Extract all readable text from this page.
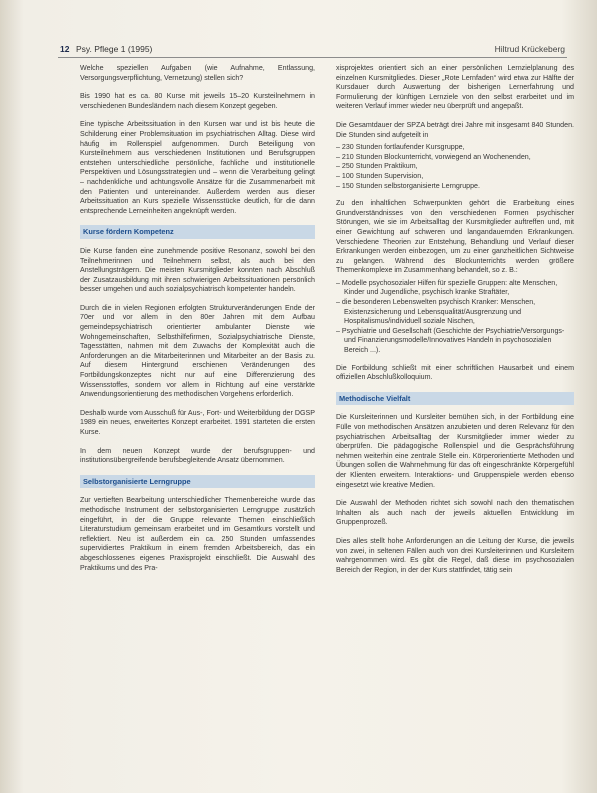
12 Psy. Pflege 1 (1995)	Hiltrud Krückeberg

Welche speziellen Aufgaben (wie Aufnahme, Entlassung, Versorgungsverpflichtung, Vernetzung) stellen sich?

Bis 1990 hat es ca. 80 Kurse mit jeweils 15–20 Kursteilnehmern in verschiedenen Bundesländern nach diesem Konzept gegeben.

Eine typische Arbeitssituation in den Kursen war und ist bis heute die Schilderung einer Problemsituation im psychiatrischen Alltag. Diese wird häufig im Rollenspiel aufgenommen. Durch Beteiligung von Kursteilnehmern aus verschiedenen Institutionen und Berufsgruppen entstehen unterschiedliche persönliche, fachliche und institutionelle Perspektiven und Lösungsstrategien und – wenn die Verarbeitung gelingt – nachdenkliche und achtungsvolle Ansätze für die Zusammenarbeit mit den Patienten und untereinander. Außerdem werden aus dieser Arbeitssituation an Kurs spezielle Wissensstücke deutlich, für die dann entsprechende Lerneinheiten angeknüpft werden.

Kurse fördern Kompetenz

Die Kurse fanden eine zunehmende positive Resonanz, sowohl bei den Teilnehmerinnen und Teilnehmern selbst, als auch bei den Anstellungsträgern. Die meisten Kursmitglieder konnten nach Abschluß der Zusatzausbildung mit ihren schwierigen Arbeitssituationen persönlich besser umgehen und auch sozialpsychiatrisch kompetenter handeln.

Durch die in vielen Regionen erfolgten Strukturveränderungen Ende der 70er und vor allem in den 80er Jahren mit dem Aufbau gemeindepsychiatrisch orientierter ambulanter Dienste wie Wohngemeinschaften, Selbsthilfefirmen, Sozialpsychiatrische Dienste, Tagesstätten, nahmen mit dem Zuwachs der Komplexität auch die Anforderungen an die Mitarbeiterinnen und Mitarbeiter an der Basis zu. Auf diesem Hintergrund erschienen Veränderungen des Fortbildungskonzeptes nicht nur auf eine Differenzierung des Wissensstoffes, sondern vor allem in Richtung auf eine verstärkte Anwendungsorientierung des methodischen Vorgehens erforderlich.

Deshalb wurde vom Ausschuß für Aus-, Fort- und Weiterbildung der DGSP 1989 ein neues, erweitertes Konzept erarbeitet. 1991 starteten die ersten Kurse.

In dem neuen Konzept wurde der berufsgruppen- und institutionsübergreifende berufsbegleitende Ansatz übernommen.

Selbstorganisierte Lerngruppe

Zur vertieften Bearbeitung unterschiedlicher Themenbereiche wurde das methodische Instrument der selbstorganisierten Lerngruppe zusätzlich eingeführt, in der die Gruppe relevante Themen einschließlich Literaturstudium gemeinsam erarbeitet und im Gesamtkurs vorstellt und reflektiert. Neu ist außerdem ein ca. 250 Stunden umfassendes supervidiertes Praktikum in einem fremden Arbeitsbereich, das ein abgeschlossenes eigenes Praxisprojekt einschließt. Die Auswahl des Praktikums und des Pra-

xisprojektes orientiert sich an einer persönlichen Lernzielplanung des einzelnen Kursmitgliedes. Dieser „Rote Lernfaden“ wird etwa zur Hälfte der Kursdauer durch Auswertung der bisherigen Lernerfahrung und Formulierung der künftigen Lernziele von den selbst erarbeitet und im weiteren Verlauf immer wieder neu überprüft und angepaßt.

Die Gesamtdauer der SPZA beträgt drei Jahre mit insgesamt 840 Stunden. Die Stunden sind aufgeteilt in

– 230 Stunden fortlaufender Kursgruppe,
– 210 Stunden Blockunterricht, vorwiegend an Wochenenden,
– 250 Stunden Praktikum,
– 100 Stunden Supervision,
– 150 Stunden selbstorganisierte Lerngruppe.

Zu den inhaltlichen Schwerpunkten gehört die Erarbeitung eines Grundverständnisses von den verschiedenen Formen psychischer Störungen, wie sie im Arbeitsalltag der Kursmitglieder auftreffen und, mit einer Gewichtung auf schweren und langandauernden Erkrankungen. Verschiedene Theorien zur Entstehung, Behandlung und Verlauf dieser Erkrankungen werden einbezogen, um zu einer ganzheitlichen Sichtweise zu gelangen. Während des Blockunterrichts werden größere Themenkomplexe im Zusammenhang behandelt, so z. B.:

– Modelle psychosozialer Hilfen für spezielle Gruppen: alte Menschen, Kinder und Jugendliche, psychisch kranke Straftäter,
– die besonderen Lebenswelten psychisch Kranker: Menschen, Existenzsicherung und Lebensqualität/Ausgrenzung und Hospitalismus/individuell soziale Nischen,
– Psychiatrie und Gesellschaft (Geschichte der Psychiatrie/Versorgungs- und Finanzierungsmodelle/Innovatives Handeln in psychosozialen Bereich ...).

Die Fortbildung schließt mit einer schriftlichen Hausarbeit und einem offiziellen Abschlußkolloquium.

Methodische Vielfalt

Die Kursleiterinnen und Kursleiter bemühen sich, in der Fortbildung eine Fülle von methodischen Ansätzen anzubieten und deren Relevanz für den psychiatrischen Arbeitsalltag der Kursmitglieder immer wieder zu überprüfen. Die pädagogische Rollenspiel und die Gesprächsführung nehmen weiterhin eine zentrale Stelle ein. Körperorientierte Methoden und Übungen sollen die Wahrnehmung für das oft eingeschränkte Körpergefühl der Klienten erweitern. Interaktions- und Gruppenspiele werden ebenso eingesetzt wie kreative Medien.

Die Auswahl der Methoden richtet sich sowohl nach den thematischen Inhalten als auch nach der jeweils aktuellen Entwicklung im Gruppenprozeß.

Dies alles stellt hohe Anforderungen an die Leitung der Kurse, die jeweils von zwei, in seltenen Fällen auch von drei Kursleiterinnen und Kursleitern wahrgenommen wird. Es gibt die Regel, daß diese im psychosozialen Bereich der Region, in der der Kurs stattfindet, tätig sein
